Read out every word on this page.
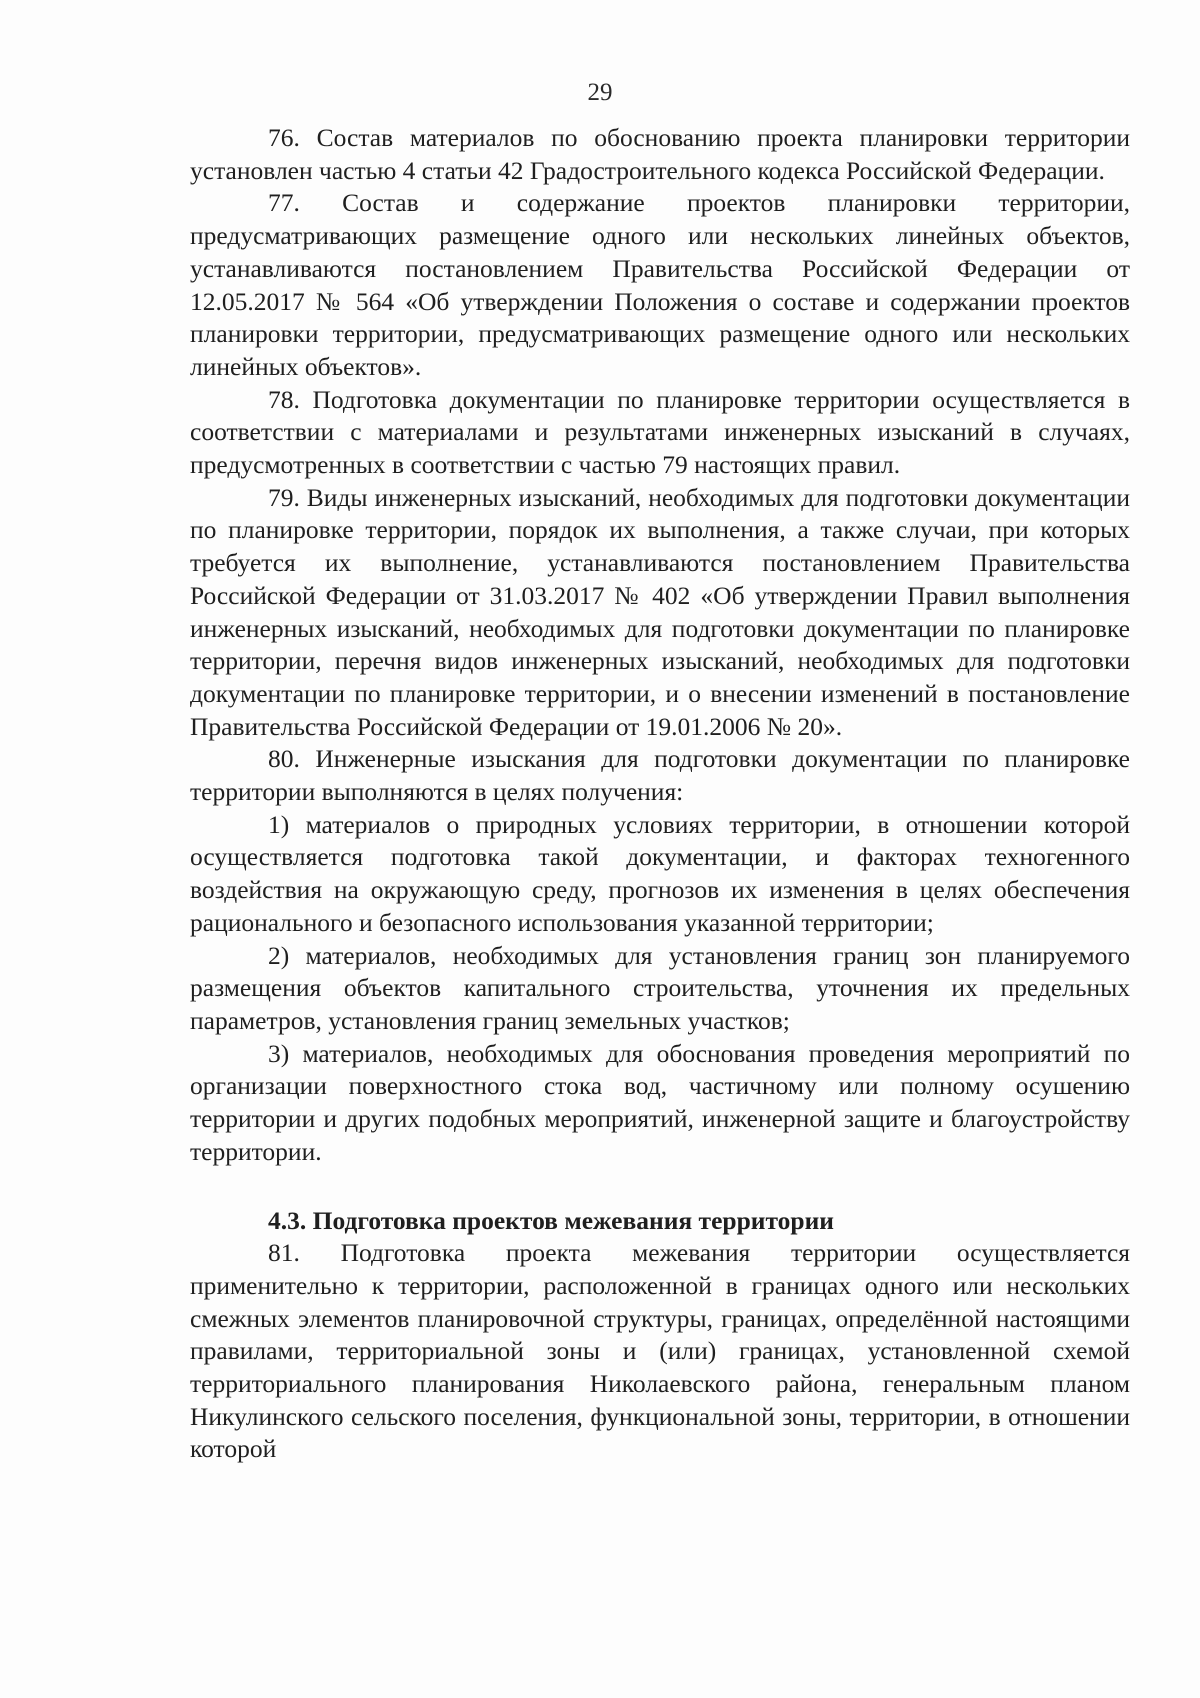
29

76. Состав материалов по обоснованию проекта планировки территории установлен частью 4 статьи 42 Градостроительного кодекса Российской Федерации.

77. Состав и содержание проектов планировки территории, предусматривающих размещение одного или нескольких линейных объектов, устанавливаются постановлением Правительства Российской Федерации от 12.05.2017 № 564 «Об утверждении Положения о составе и содержании проектов планировки территории, предусматривающих размещение одного или нескольких линейных объектов».

78. Подготовка документации по планировке территории осуществляется в соответствии с материалами и результатами инженерных изысканий в случаях, предусмотренных в соответствии с частью 79 настоящих правил.

79. Виды инженерных изысканий, необходимых для подготовки документации по планировке территории, порядок их выполнения, а также случаи, при которых требуется их выполнение, устанавливаются постановлением Правительства Российской Федерации от 31.03.2017 № 402 «Об утверждении Правил выполнения инженерных изысканий, необходимых для подготовки документации по планировке территории, перечня видов инженерных изысканий, необходимых для подготовки документации по планировке территории, и о внесении изменений в постановление Правительства Российской Федерации от 19.01.2006 № 20».

80. Инженерные изыскания для подготовки документации по планировке территории выполняются в целях получения:

1) материалов о природных условиях территории, в отношении которой осуществляется подготовка такой документации, и факторах техногенного воздействия на окружающую среду, прогнозов их изменения в целях обеспечения рационального и безопасного использования указанной территории;

2) материалов, необходимых для установления границ зон планируемого размещения объектов капитального строительства, уточнения их предельных параметров, установления границ земельных участков;

3) материалов, необходимых для обоснования проведения мероприятий по организации поверхностного стока вод, частичному или полному осушению территории и других подобных мероприятий, инженерной защите и благоустройству территории.

4.3. Подготовка проектов межевания территории

81. Подготовка проекта межевания территории осуществляется применительно к территории, расположенной в границах одного или нескольких смежных элементов планировочной структуры, границах, определённой настоящими правилами, территориальной зоны и (или) границах, установленной схемой территориального планирования Николаевского района, генеральным планом Никулинского сельского поселения, функциональной зоны, территории, в отношении которой
